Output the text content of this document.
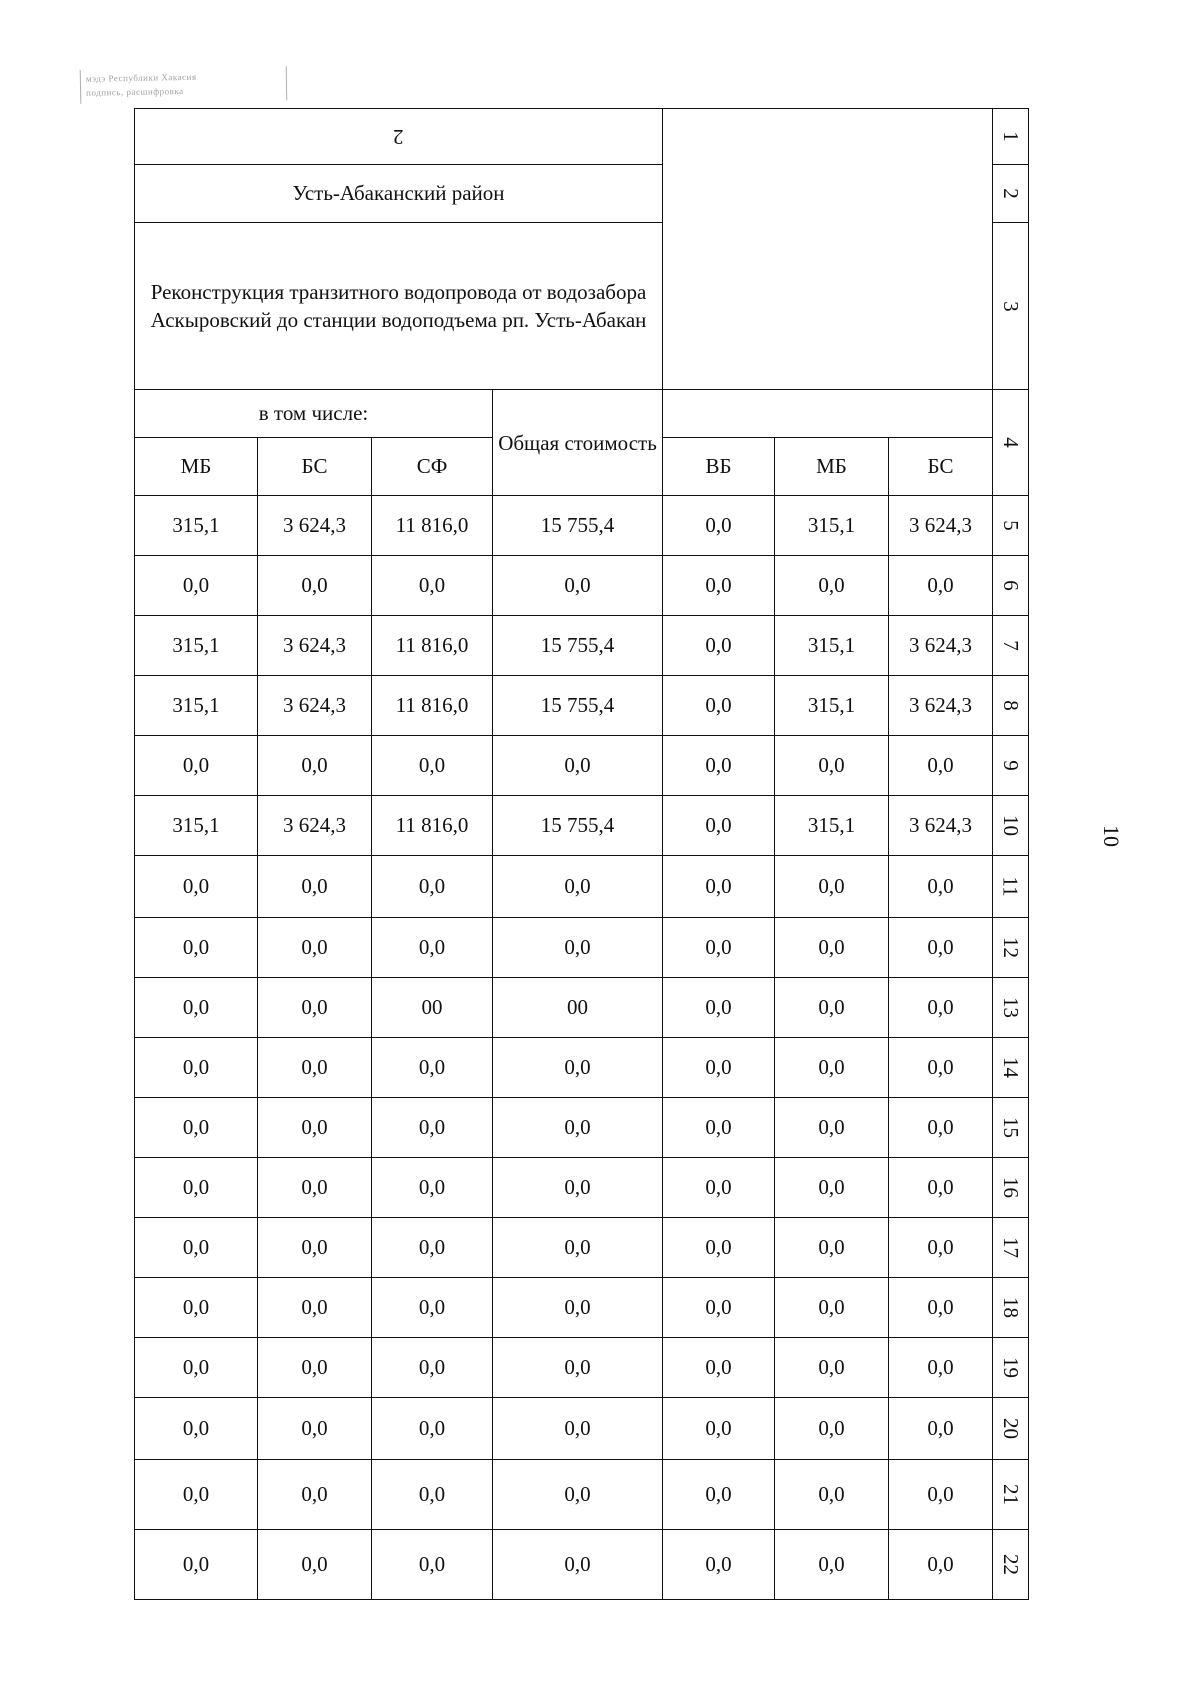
мэдэ Республики Хакасия
подпись, расшифровка
10
2							1
Усть-Абаканский район							2
Реконструкция транзитного водопровода от водозабора Аскыровский до станции водоподъема рп. Усть-Абакан							3
в том числе:			Общая стоимость				4
МБ	БС	СФ		ВБ	МБ	БС	
315,1	3 624,3	11 816,0	15 755,4	0,0	315,1	3 624,3	5
0,0	0,0	0,0	0,0	0,0	0,0	0,0	6
315,1	3 624,3	11 816,0	15 755,4	0,0	315,1	3 624,3	7
315,1	3 624,3	11 816,0	15 755,4	0,0	315,1	3 624,3	8
0,0	0,0	0,0	0,0	0,0	0,0	0,0	9
315,1	3 624,3	11 816,0	15 755,4	0,0	315,1	3 624,3	10
0,0	0,0	0,0	0,0	0,0	0,0	0,0	11
0,0	0,0	0,0	0,0	0,0	0,0	0,0	12
0,0	0,0	00	00	0,0	0,0	0,0	13
0,0	0,0	0,0	0,0	0,0	0,0	0,0	14
0,0	0,0	0,0	0,0	0,0	0,0	0,0	15
0,0	0,0	0,0	0,0	0,0	0,0	0,0	16
0,0	0,0	0,0	0,0	0,0	0,0	0,0	17
0,0	0,0	0,0	0,0	0,0	0,0	0,0	18
0,0	0,0	0,0	0,0	0,0	0,0	0,0	19
0,0	0,0	0,0	0,0	0,0	0,0	0,0	20
0,0	0,0	0,0	0,0	0,0	0,0	0,0	21
0,0	0,0	0,0	0,0	0,0	0,0	0,0	22
